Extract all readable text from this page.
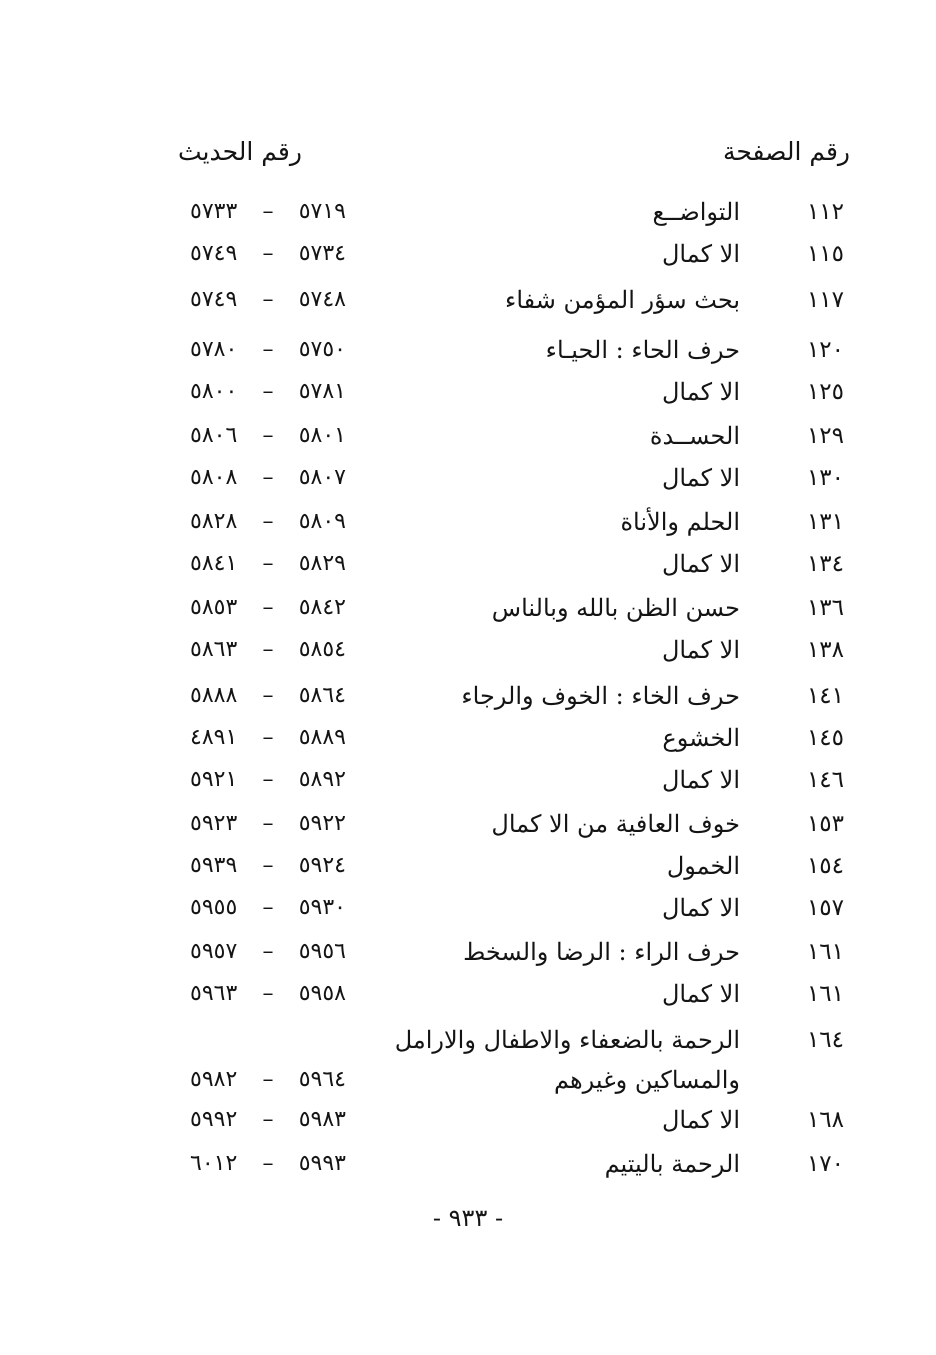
رقم الصفحة
رقم الحديث
١١٢
التواضــع
٥٧٣٣ – ٥٧١٩
١١٥
الا كمال
٥٧٤٩ – ٥٧٣٤
١١٧
بحث سؤر المؤمن شفاء
٥٧٤٩ – ٥٧٤٨
١٢٠
حرف الحاء : الحيـاء
٥٧٨٠ – ٥٧٥٠
١٢٥
الا كمال
٥٨٠٠ – ٥٧٨١
١٢٩
الحســدة
٥٨٠٦ – ٥٨٠١
١٣٠
الا كمال
٥٨٠٨ – ٥٨٠٧
١٣١
الحلم والأناة
٥٨٢٨ – ٥٨٠٩
١٣٤
الا كمال
٥٨٤١ – ٥٨٢٩
١٣٦
حسن الظن بالله وبالناس
٥٨٥٣ – ٥٨٤٢
١٣٨
الا كمال
٥٨٦٣ – ٥٨٥٤
١٤١
حرف الخاء : الخوف والرجاء
٥٨٨٨ – ٥٨٦٤
١٤٥
الخشوع
٤٨٩١ – ٥٨٨٩
١٤٦
الا كمال
٥٩٢١ – ٥٨٩٢
١٥٣
خوف العافية من الا كمال
٥٩٢٣ – ٥٩٢٢
١٥٤
الخمول
٥٩٣٩ – ٥٩٢٤
١٥٧
الا كمال
٥٩٥٥ – ٥٩٣٠
١٦١
حرف الراء : الرضا والسخط
٥٩٥٧ – ٥٩٥٦
١٦١
الا كمال
٥٩٦٣ – ٥٩٥٨
١٦٤
الرحمة بالضعفاء والاطفال والارامل
والمساكين وغيرهم
٥٩٨٢ – ٥٩٦٤
١٦٨
الا كمال
٥٩٩٢ – ٥٩٨٣
١٧٠
الرحمة باليتيم
٦٠١٢ – ٥٩٩٣
- ٩٣٣ -
